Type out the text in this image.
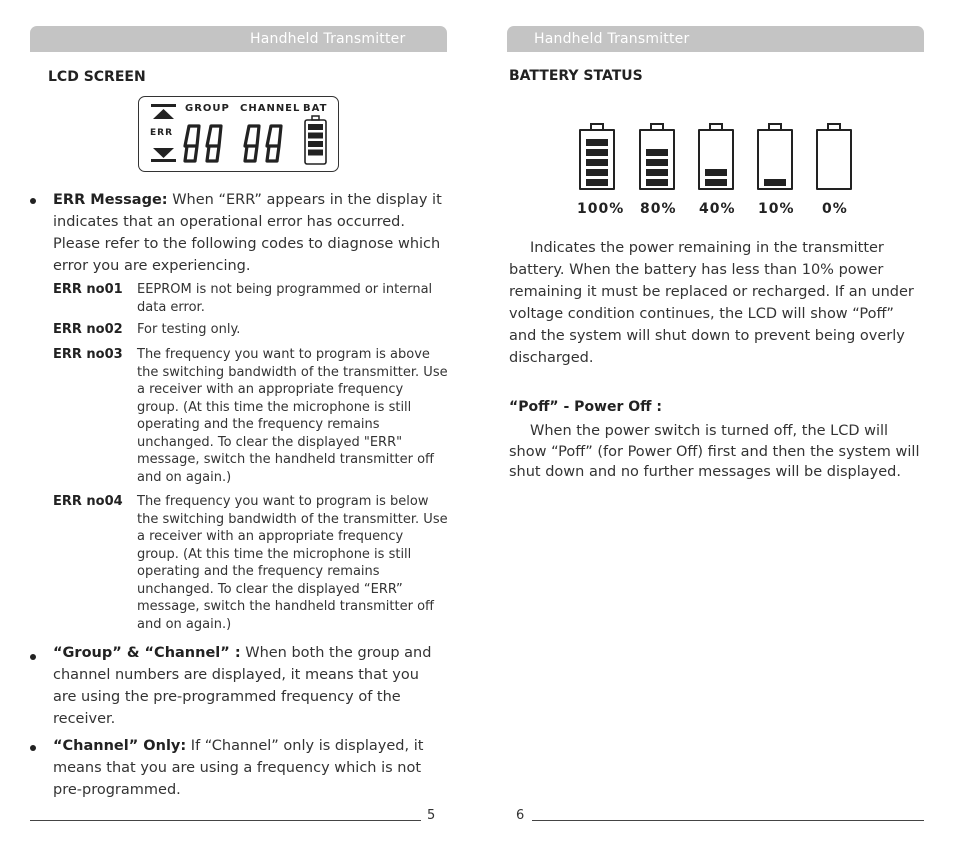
Handheld Transmitter
LCD SCREEN
GROUP CHANNEL BAT
ERR
ERR Message: When “ERR” appears in the display it indicates that an operational error has occurred. Please refer to the following codes to diagnose which error you are experiencing.
ERR no01 EEPROM is not being programmed or internal data error.
ERR no02 For testing only.
ERR no03 The frequency you want to program is above the switching bandwidth of the transmitter. Use a receiver with an appropriate frequency group. (At this time the microphone is still operating and the frequency remains unchanged. To clear the displayed "ERR" message, switch the handheld transmitter off and on again.)
ERR no04 The frequency you want to program is below the switching bandwidth of the transmitter. Use a receiver with an appropriate frequency group. (At this time the microphone is still operating and the frequency remains unchanged. To clear the displayed “ERR” message, switch the handheld transmitter off and on again.)
“Group” & “Channel” : When both the group and channel numbers are displayed, it means that you are using the pre-programmed frequency of the receiver.
“Channel” Only: If “Channel” only is displayed, it means that you are using a frequency which is not pre-programmed.
5
Handheld Transmitter
BATTERY STATUS
100% 80% 40% 10% 0%
Indicates the power remaining in the transmitter battery. When the battery has less than 10% power remaining it must be replaced or recharged. If an under voltage condition continues, the LCD will show “Poff” and the system will shut down to prevent being overly discharged.
“Poff” - Power Off :
When the power switch is turned off, the LCD will show “Poff” (for Power Off) first and then the system will shut down and no further messages will be displayed.
6
